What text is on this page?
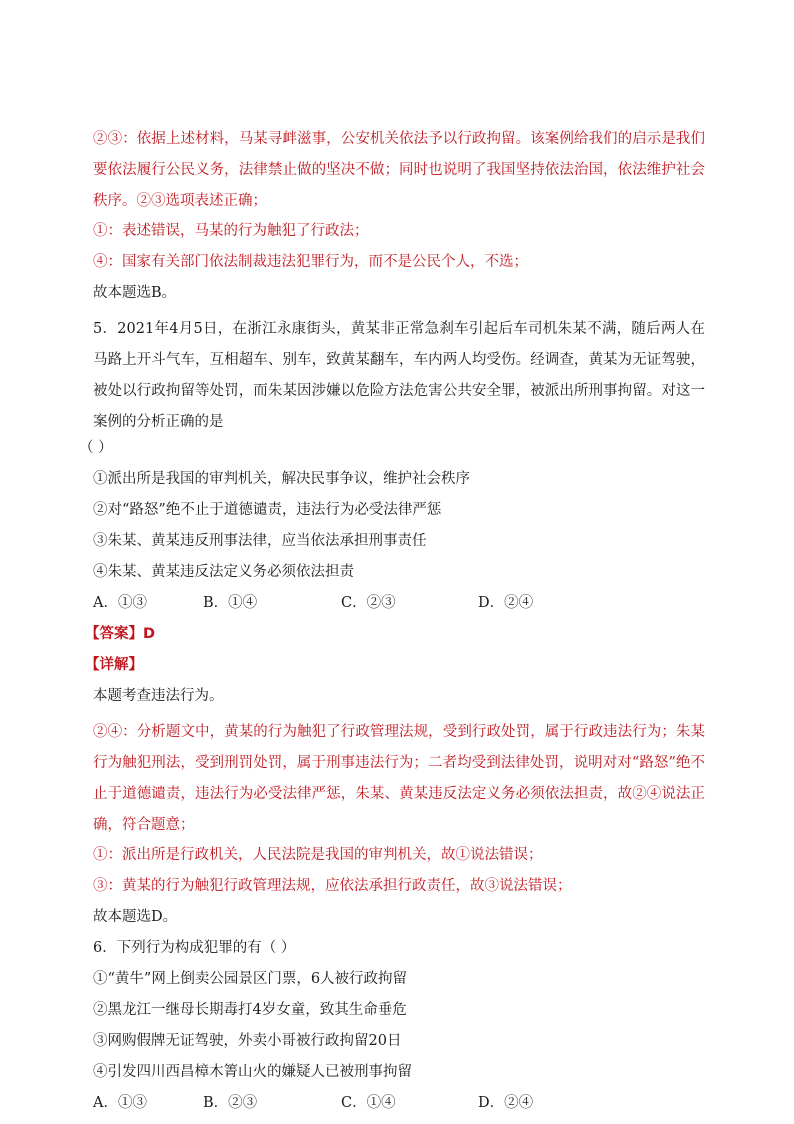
②③：依据上述材料，马某寻衅滋事，公安机关依法予以行政拘留。该案例给我们的启示是我们要依法履行公民义务，法律禁止做的坚决不做；同时也说明了我国坚持依法治国，依法维护社会秩序。②③选项表述正确；
①：表述错误，马某的行为触犯了行政法；
④：国家有关部门依法制裁违法犯罪行为，而不是公民个人，不选；
故本题选B。
5．2021年4月5日，在浙江永康街头，黄某非正常急刹车引起后车司机朱某不满，随后两人在马路上开斗气车，互相超车、别车，致黄某翻车，车内两人均受伤。经调查，黄某为无证驾驶，被处以行政拘留等处罚，而朱某因涉嫌以危险方法危害公共安全罪，被派出所刑事拘留。对这一案例的分析正确的是
（ ）
①派出所是我国的审判机关，解决民事争议，维护社会秩序
②对“路怒”绝不止于道德谴责，违法行为必受法律严惩
③朱某、黄某违反刑事法律，应当依法承担刑事责任
④朱某、黄某违反法定义务必须依法担责
A．①③	B．①④	C．②③	D．②④
【答案】D
【详解】
本题考查违法行为。
②④：分析题文中，黄某的行为触犯了行政管理法规，受到行政处罚，属于行政违法行为；朱某行为触犯刑法，受到刑罚处罚，属于刑事违法行为；二者均受到法律处罚，说明对对“路怒”绝不止于道德谴责，违法行为必受法律严惩，朱某、黄某违反法定义务必须依法担责，故②④说法正确，符合题意；
①：派出所是行政机关，人民法院是我国的审判机关，故①说法错误；
③：黄某的行为触犯行政管理法规，应依法承担行政责任，故③说法错误；
故本题选D。
6．下列行为构成犯罪的有（ ）
①“黄牛”网上倒卖公园景区门票，6人被行政拘留
②黑龙江一继母长期毒打4岁女童，致其生命垂危
③网购假牌无证驾驶，外卖小哥被行政拘留20日
④引发四川西昌樟木箐山火的嫌疑人已被刑事拘留
A．①③	B．②③	C．①④	D．②④
